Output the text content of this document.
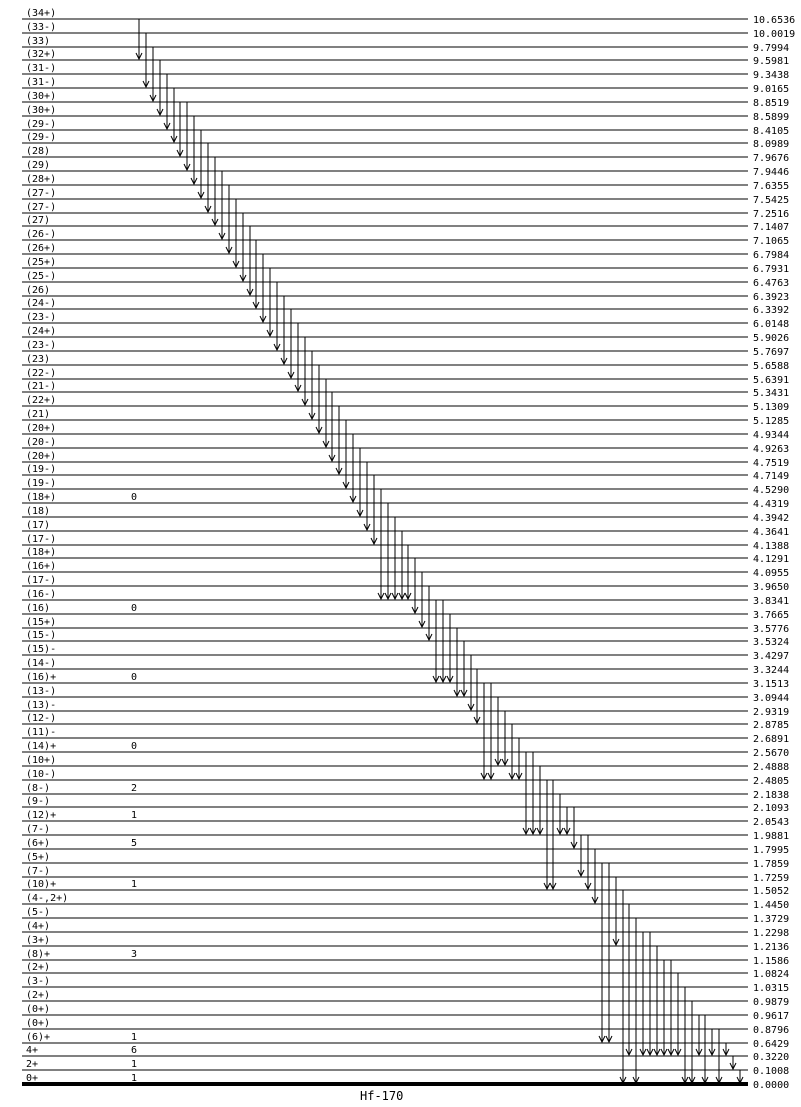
(34+)
10.6536
(33-)
10.0019
(33)
9.7994
(32+)
9.5981
(31-)
9.3438
(31-)
9.0165
(30+)
8.8519
(30+)
8.5899
(29-)
8.4105
(29-)
8.0989
(28)
7.9676
(29)
7.9446
(28+)
7.6355
(27-)
7.5425
(27-)
7.2516
(27)
7.1407
(26-)
7.1065
(26+)
6.7984
(25+)
6.7931
(25-)
6.4763
(26)
6.3923
(24-)
6.3392
(23-)
6.0148
(24+)
5.9026
(23-)
5.7697
(23)
5.6588
(22-)
5.6391
(21-)
5.3431
(22+)
5.1309
(21)
5.1285
(20+)
4.9344
(20-)
4.9263
(20+)
4.7519
(19-)
4.7149
(19-)
4.5290
(18+)
4.4319
0
(18)
4.3942
(17)
4.3641
(17-)
4.1388
(18+)
4.1291
(16+)
4.0955
(17-)
3.9650
(16-)
3.8341
(16)
3.7665
0
(15+)
3.5776
(15-)
3.5324
(15)-
3.4297
(14-)
3.3244
(16)+
3.1513
0
(13-)
3.0944
(13)-
2.9319
(12-)
2.8785
(11)-
2.6891
(14)+
2.5670
0
(10+)
2.4888
(10-)
2.4805
(8-)
2.1838
2
(9-)
2.1093
(12)+
2.0543
1
(7-)
1.9881
(6+)
1.7995
5
(5+)
1.7859
(7-)
1.7259
(10)+
1.5052
1
(4-,2+)
1.4450
(5-)
1.3729
(4+)
1.2298
(3+)
1.2136
(8)+
1.1586
3
(2+)
1.0824
(3-)
1.0315
(2+)
0.9879
(0+)
0.9617
(0+)
0.8796
(6)+
0.6429
1
4+
0.3220
6
2+
0.1008
1
0+
0.0000
1
Hf-170
